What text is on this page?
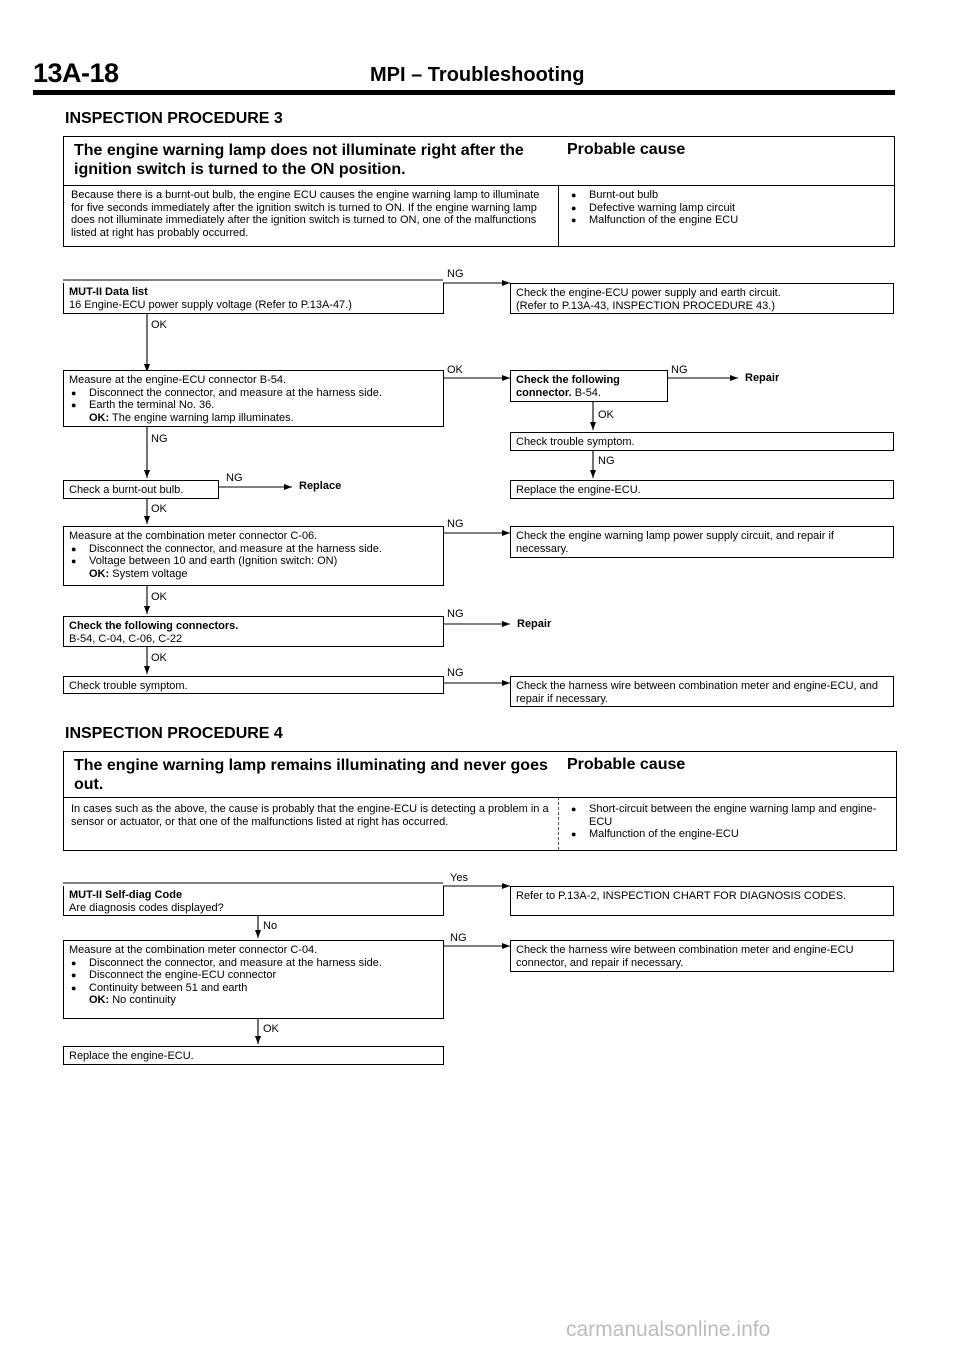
13A-18	MPI – Troubleshooting
INSPECTION PROCEDURE 3
The engine warning lamp does not illuminate right after the ignition switch is turned to the ON position.
Probable cause
Because there is a burnt-out bulb, the engine ECU causes the engine warning lamp to illuminate for five seconds immediately after the ignition switch is turned to ON. If the engine warning lamp does not illuminate immediately after the ignition switch is turned to ON, one of the malfunctions listed at right has probably occurred.
● Burnt-out bulb
● Defective warning lamp circuit
● Malfunction of the engine ECU
MUT-II Data list
16 Engine-ECU power supply voltage (Refer to P.13A-47.)
Check the engine-ECU power supply and earth circuit.
(Refer to P.13A-43, INSPECTION PROCEDURE 43.)
Measure at the engine-ECU connector B-54.
● Disconnect the connector, and measure at the harness side.
● Earth the terminal No. 36.
OK: The engine warning lamp illuminates.
Check the following
connector. B-54.
Repair
Check trouble symptom.
Replace the engine-ECU.
Check a burnt-out bulb.	Replace
Measure at the combination meter connector C-06.
● Disconnect the connector, and measure at the harness side.
● Voltage between 10 and earth (Ignition switch: ON)
OK: System voltage
Check the engine warning lamp power supply circuit, and repair if necessary.
Check the following connectors.
B-54, C-04, C-06, C-22
Repair
Check trouble symptom.	Check the harness wire between combination meter and engine-ECU, and repair if necessary.
NG
OK
OK	NG
OK
NG
NG
NG
OK
NG
OK
NG
OK
NG
INSPECTION PROCEDURE 4
The engine warning lamp remains illuminating and never goes out.
Probable cause
In cases such as the above, the cause is probably that the engine-ECU is detecting a problem in a sensor or actuator, or that one of the malfunctions listed at right has occurred.
● Short-circuit between the engine warning lamp and engine-ECU
● Malfunction of the engine-ECU
MUT-II Self-diag Code
Are diagnosis codes displayed?
Refer to P.13A-2, INSPECTION CHART FOR DIAGNOSIS CODES.
Measure at the combination meter connector C-04.
● Disconnect the connector, and measure at the harness side.
● Disconnect the engine-ECU connector
● Continuity between 51 and earth
OK: No continuity
Check the harness wire between combination meter and engine-ECU connector, and repair if necessary.
Replace the engine-ECU.
Yes
No
NG
OK
carmanualsonline.info
